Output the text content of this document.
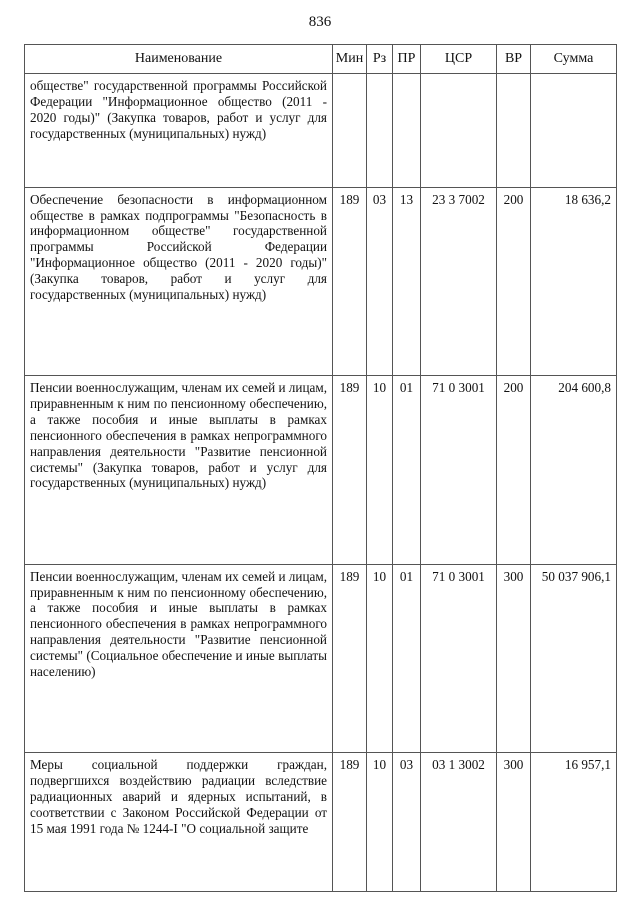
836
Наименование	Мин	Рз	ПР	ЦСР	ВР	Сумма
обществе" государственной программы Российской Федерации "Информационное общество (2011 - 2020 годы)" (Закупка товаров, работ и услуг для государственных (муниципальных) нужд)						
Обеспечение безопасности в информационном обществе в рамках подпрограммы "Безопасность в информационном обществе" государственной программы Российской Федерации "Информационное общество (2011 - 2020 годы)" (Закупка товаров, работ и услуг для государственных (муниципальных) нужд)	189	03	13	23 3 7002	200	18 636,2
Пенсии военнослужащим, членам их семей и лицам, приравненным к ним по пенсионному обеспечению, а также пособия и иные выплаты в рамках пенсионного обеспечения в рамках непрограммного направления деятельности "Развитие пенсионной системы" (Закупка товаров, работ и услуг для государственных (муниципальных) нужд)	189	10	01	71 0 3001	200	204 600,8
Пенсии военнослужащим, членам их семей и лицам, приравненным к ним по пенсионному обеспечению, а также пособия и иные выплаты в рамках пенсионного обеспечения в рамках непрограммного направления деятельности "Развитие пенсионной системы" (Социальное обеспечение и иные выплаты населению)	189	10	01	71 0 3001	300	50 037 906,1
Меры социальной поддержки граждан, подвергшихся воздействию радиации вследствие радиационных аварий и ядерных испытаний, в соответствии с Законом Российской Федерации от 15 мая 1991 года № 1244-I "О социальной защите	189	10	03	03 1 3002	300	16 957,1
